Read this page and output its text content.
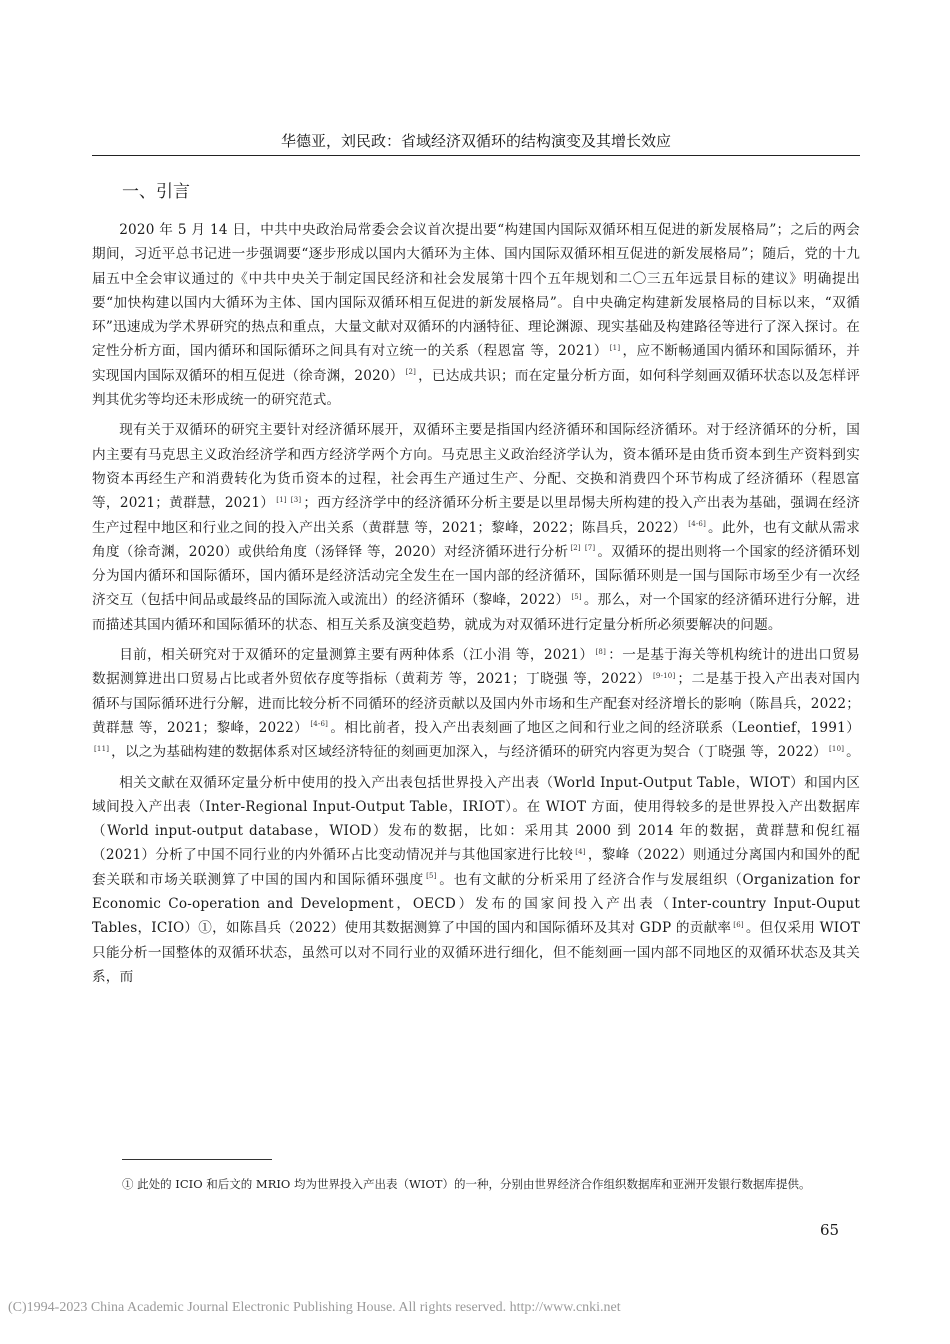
华德亚，刘民政：省域经济双循环的结构演变及其增长效应
一、引言

2020 年 5 月 14 日，中共中央政治局常委会会议首次提出要“构建国内国际双循环相互促进的新发展格局”；之后的两会期间，习近平总书记进一步强调要“逐步形成以国内大循环为主体、国内国际双循环相互促进的新发展格局”；随后，党的十九届五中全会审议通过的《中共中央关于制定国民经济和社会发展第十四个五年规划和二〇三五年远景目标的建议》明确提出要“加快构建以国内大循环为主体、国内国际双循环相互促进的新发展格局”。自中央确定构建新发展格局的目标以来，“双循环”迅速成为学术界研究的热点和重点，大量文献对双循环的内涵特征、理论渊源、现实基础及构建路径等进行了深入探讨。在定性分析方面，国内循环和国际循环之间具有对立统一的关系（程恩富 等，2021） [1] ，应不断畅通国内循环和国际循环，并实现国内国际双循环的相互促进（徐奇渊，2020） [2] ，已达成共识；而在定量分析方面，如何科学刻画双循环状态以及怎样评判其优劣等均还未形成统一的研究范式。

现有关于双循环的研究主要针对经济循环展开，双循环主要是指国内经济循环和国际经济循环。对于经济循环的分析，国内主要有马克思主义政治经济学和西方经济学两个方向。马克思主义政治经济学认为，资本循环是由货币资本到生产资料到实物资本再经生产和消费转化为货币资本的过程，社会再生产通过生产、分配、交换和消费四个环节构成了经济循环（程恩富 等，2021；黄群慧，2021） [1] [3] ；西方经济学中的经济循环分析主要是以里昂惕夫所构建的投入产出表为基础，强调在经济生产过程中地区和行业之间的投入产出关系（黄群慧 等，2021；黎峰，2022；陈昌兵，2022） [4-6] 。此外，也有文献从需求角度（徐奇渊，2020）或供给角度（汤铎铎 等，2020）对经济循环进行分析 [2] [7] 。双循环的提出则将一个国家的经济循环划分为国内循环和国际循环，国内循环是经济活动完全发生在一国内部的经济循环，国际循环则是一国与国际市场至少有一次经济交互（包括中间品或最终品的国际流入或流出）的经济循环（黎峰，2022） [5] 。那么，对一个国家的经济循环进行分解，进而描述其国内循环和国际循环的状态、相互关系及演变趋势，就成为对双循环进行定量分析所必须要解决的问题。

目前，相关研究对于双循环的定量测算主要有两种体系（江小涓 等，2021） [8] ：一是基于海关等机构统计的进出口贸易数据测算进出口贸易占比或者外贸依存度等指标（黄莉芳 等，2021；丁晓强 等，2022） [9-10] ；二是基于投入产出表对国内循环与国际循环进行分解，进而比较分析不同循环的经济贡献以及国内外市场和生产配套对经济增长的影响（陈昌兵，2022；黄群慧 等，2021；黎峰，2022） [4-6] 。相比前者，投入产出表刻画了地区之间和行业之间的经济联系（Leontief，1991）[11] ，以之为基础构建的数据体系对区域经济特征的刻画更加深入，与经济循环的研究内容更为契合（丁晓强 等，2022） [10] 。

相关文献在双循环定量分析中使用的投入产出表包括世界投入产出表（World Input-Output Table，WIOT）和国内区域间投入产出表（Inter-Regional Input-Output Table，IRIOT）。在 WIOT 方面，使用得较多的是世界投入产出数据库（World input-output database，WIOD）发布的数据，比如：采用其 2000 到 2014 年的数据，黄群慧和倪红福（2021）分析了中国不同行业的内外循环占比变动情况并与其他国家进行比较 [4] ，黎峰（2022）则通过分离国内和国外的配套关联和市场关联测算了中国的国内和国际循环强度 [5] 。也有文献的分析采用了经济合作与发展组织（Organization for Economic Co-operation and Development，OECD）发布的国家间投入产出表（Inter-country Input-Ouput Tables，ICIO）①，如陈昌兵（2022）使用其数据测算了中国的国内和国际循环及其对 GDP 的贡献率 [6] 。但仅采用 WIOT 只能分析一国整体的双循环状态，虽然可以对不同行业的双循环进行细化，但不能刻画一国内部不同地区的双循环状态及其关系，而

① 此处的 ICIO 和后文的 MRIO 均为世界投入产出表（WIOT）的一种，分别由世界经济合作组织数据库和亚洲开发银行数据库提供。
65
(C)1994-2023 China Academic Journal Electronic Publishing House. All rights reserved. http://www.cnki.net
